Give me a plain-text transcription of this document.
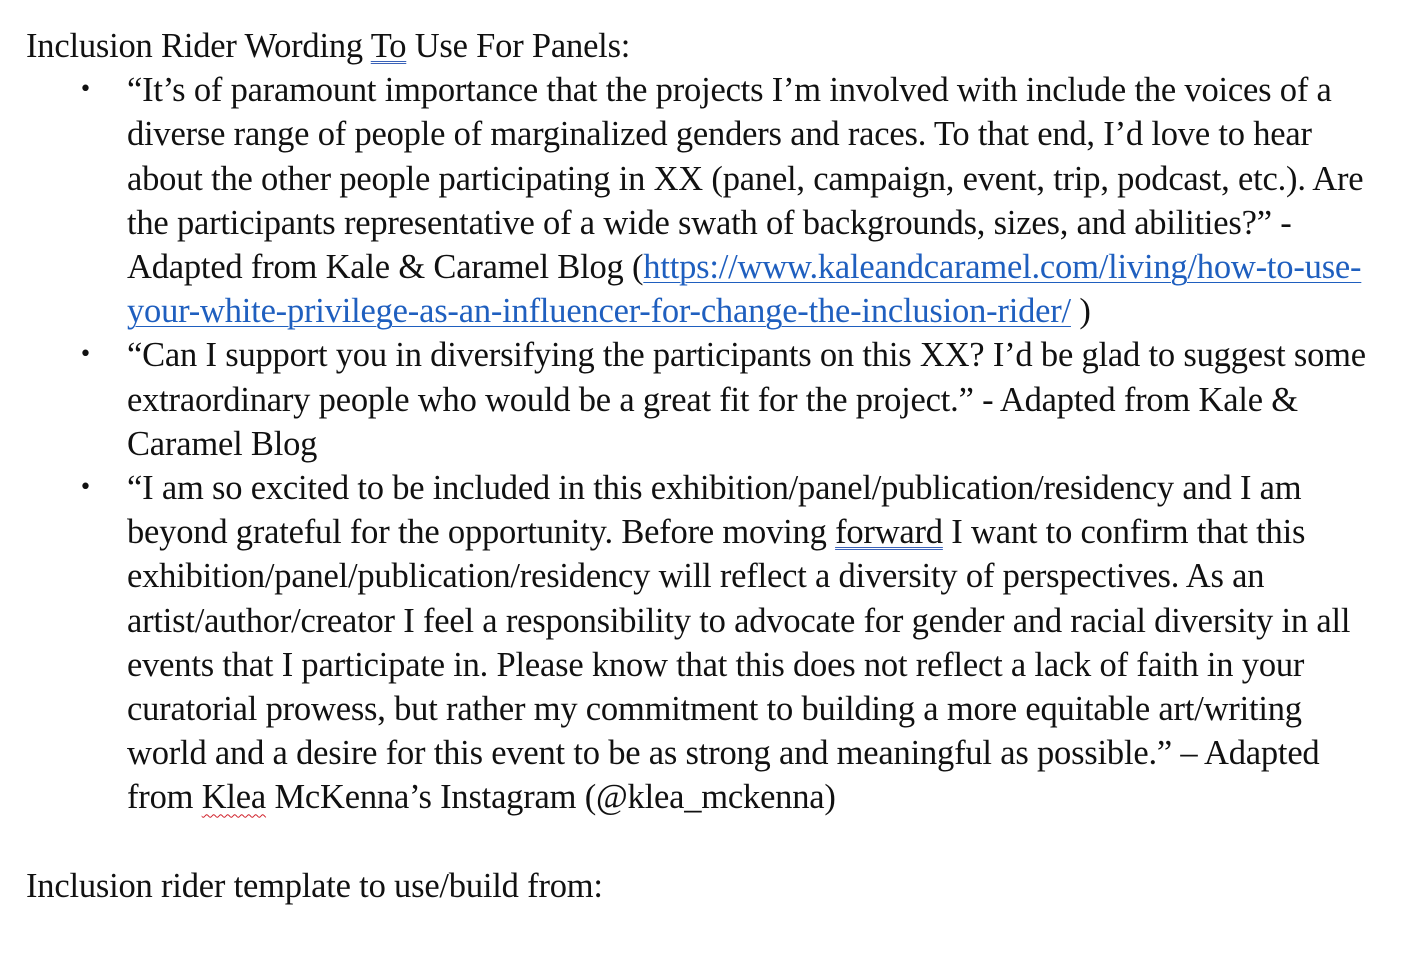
Inclusion Rider Wording To Use For Panels:

• “It’s of paramount importance that the projects I’m involved with include the voices of a diverse range of people of marginalized genders and races. To that end, I’d love to hear about the other people participating in XX (panel, campaign, event, trip, podcast, etc.). Are the participants representative of a wide swath of backgrounds, sizes, and abilities?” - Adapted from Kale & Caramel Blog (https://www.kaleandcaramel.com/living/how-to-use-your-white-privilege-as-an-influencer-for-change-the-inclusion-rider/ )
• “Can I support you in diversifying the participants on this XX? I’d be glad to suggest some extraordinary people who would be a great fit for the project.” - Adapted from Kale & Caramel Blog
• “I am so excited to be included in this exhibition/panel/publication/residency and I am beyond grateful for the opportunity. Before moving forward I want to confirm that this exhibition/panel/publication/residency will reflect a diversity of perspectives. As an artist/author/creator I feel a responsibility to advocate for gender and racial diversity in all events that I participate in. Please know that this does not reflect a lack of faith in your curatorial prowess, but rather my commitment to building a more equitable art/writing world and a desire for this event to be as strong and meaningful as possible.” – Adapted from Klea McKenna’s Instagram (@klea_mckenna)

Inclusion rider template to use/build from:
